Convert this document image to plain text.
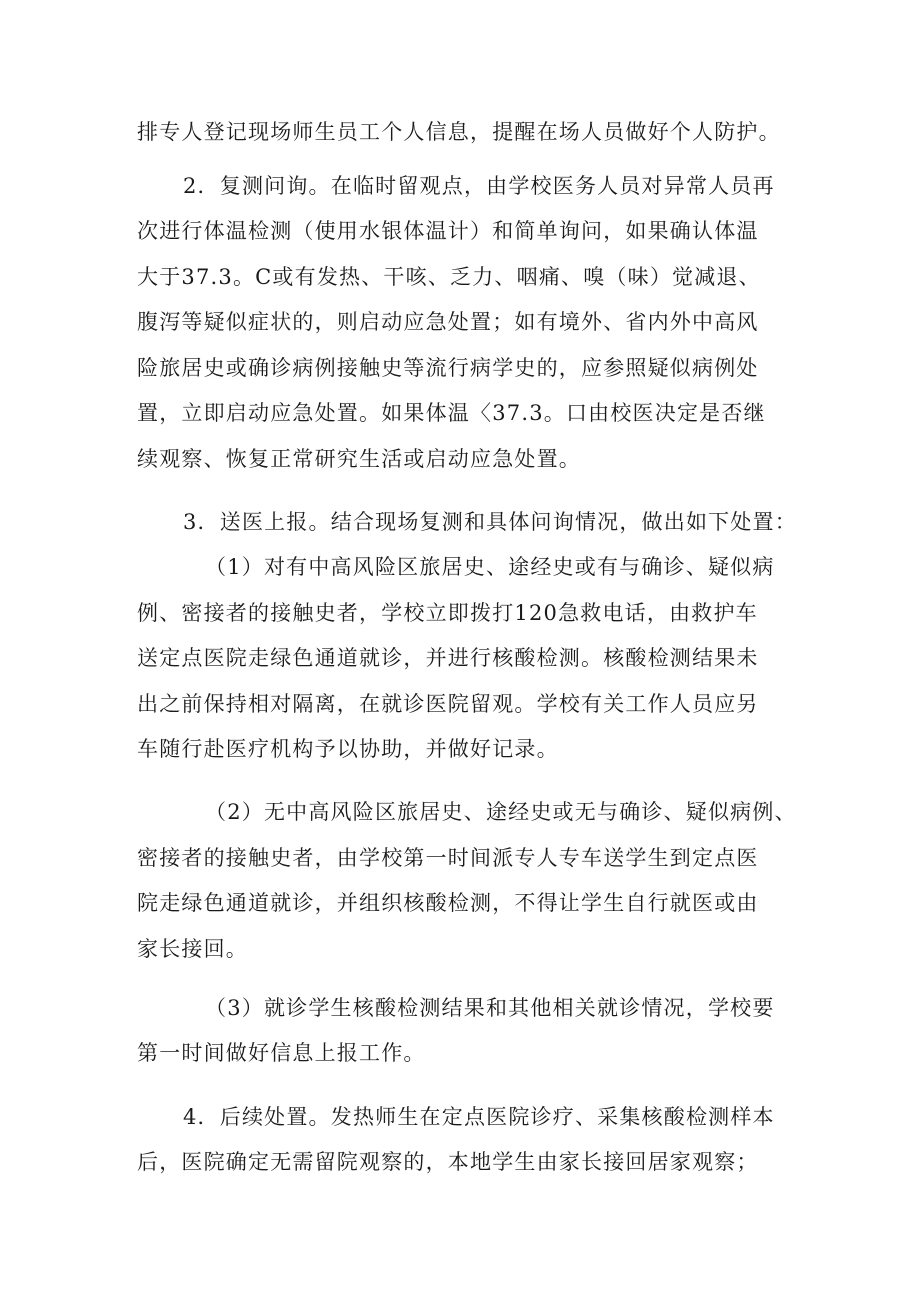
排专人登记现场师生员工个人信息，提醒在场人员做好个人防护。
2．复测问询。在临时留观点，由学校医务人员对异常人员再
次进行体温检测（使用水银体温计）和简单询问，如果确认体温
大于37.3。C或有发热、干咳、乏力、咽痛、嗅（味）觉减退、
腹泻等疑似症状的，则启动应急处置；如有境外、省内外中高风
险旅居史或确诊病例接触史等流行病学史的，应参照疑似病例处
置，立即启动应急处置。如果体温〈37.3。口由校医决定是否继
续观察、恢复正常研究生活或启动应急处置。
3．送医上报。结合现场复测和具体问询情况，做出如下处置：
（1）对有中高风险区旅居史、途经史或有与确诊、疑似病
例、密接者的接触史者，学校立即拨打120急救电话，由救护车
送定点医院走绿色通道就诊，并进行核酸检测。核酸检测结果未
出之前保持相对隔离，在就诊医院留观。学校有关工作人员应另
车随行赴医疗机构予以协助，并做好记录。
（2）无中高风险区旅居史、途经史或无与确诊、疑似病例、
密接者的接触史者，由学校第一时间派专人专车送学生到定点医
院走绿色通道就诊，并组织核酸检测，不得让学生自行就医或由
家长接回。
（3）就诊学生核酸检测结果和其他相关就诊情况，学校要
第一时间做好信息上报工作。
4．后续处置。发热师生在定点医院诊疗、采集核酸检测样本
后，医院确定无需留院观察的，本地学生由家长接回居家观察；
